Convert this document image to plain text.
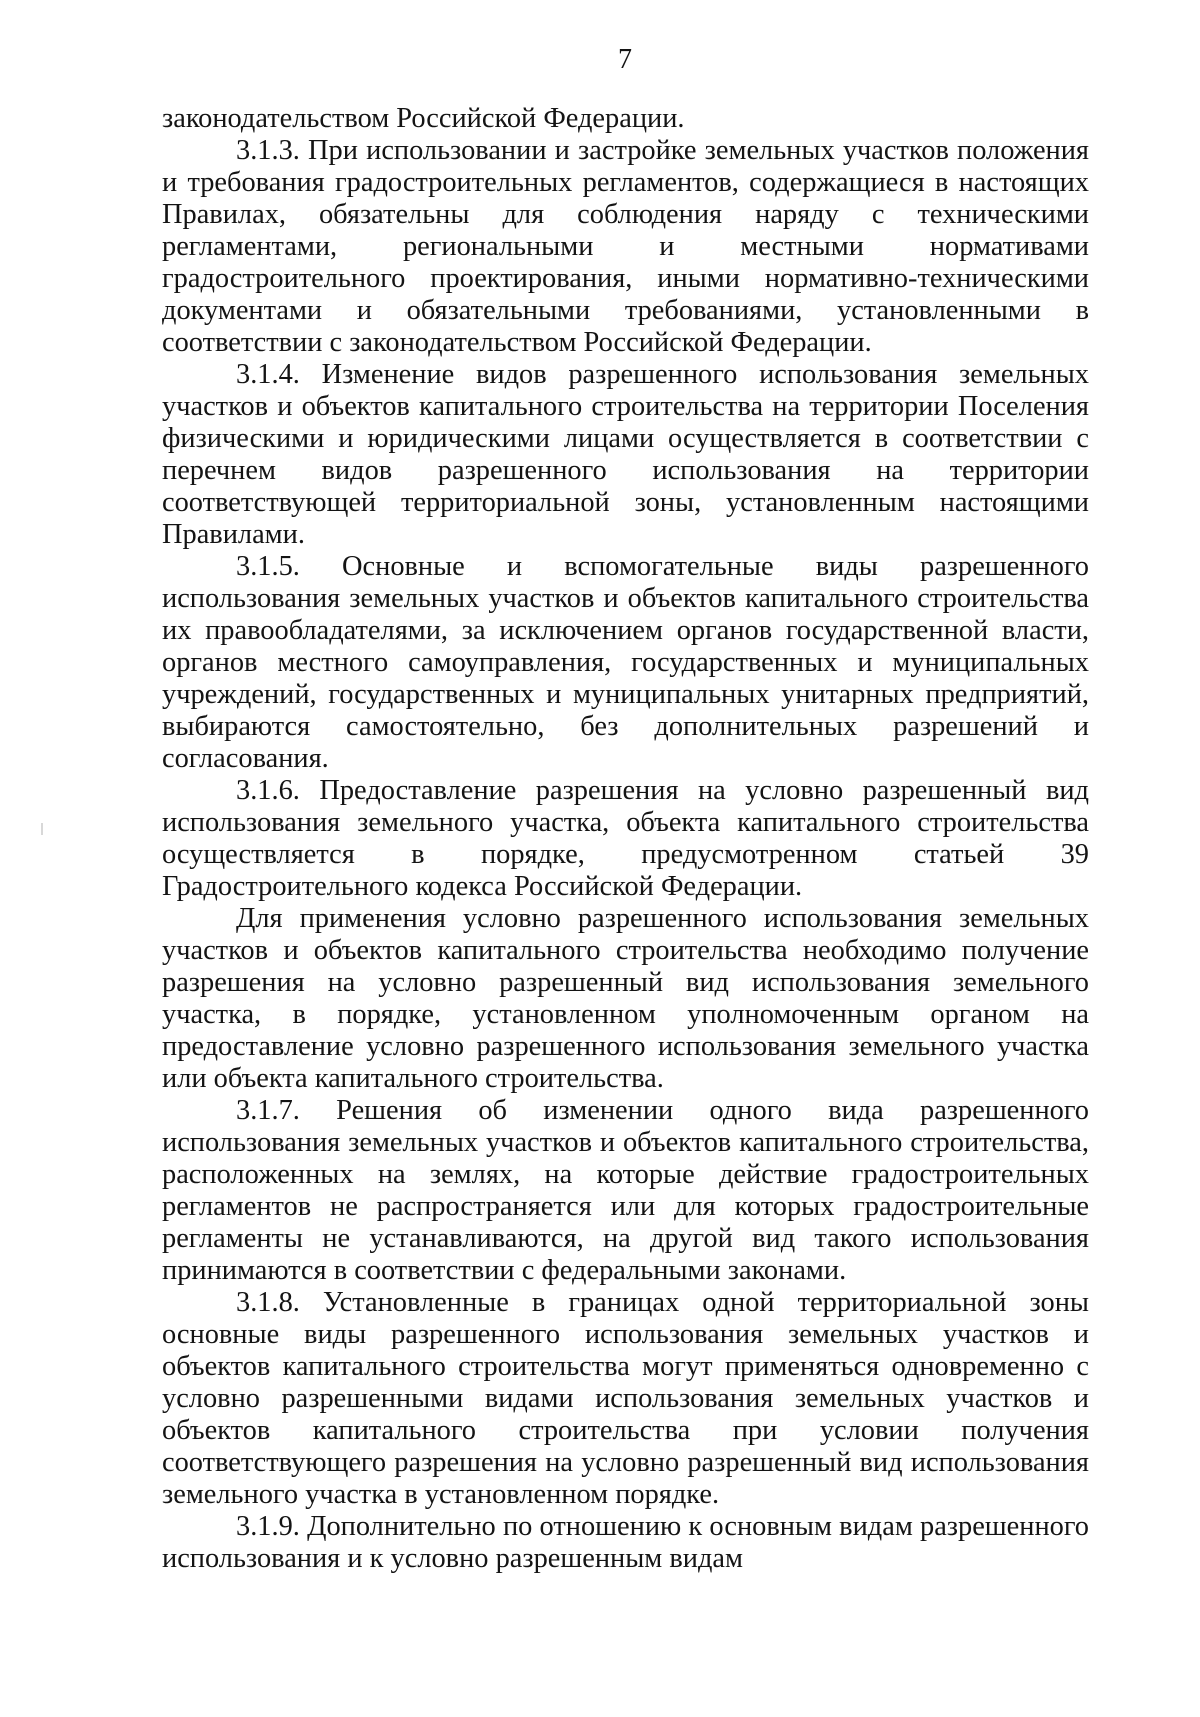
7

законодательством Российской Федерации.

3.1.3. При использовании и застройке земельных участков положения и требования градостроительных регламентов, содержащиеся в настоящих Правилах, обязательны для соблюдения наряду с техническими регламентами, региональными и местными нормативами градостроительного проектирования, иными нормативно-техническими документами и обязательными требованиями, установленными в соответствии с законодательством Российской Федерации.

3.1.4. Изменение видов разрешенного использования земельных участков и объектов капитального строительства на территории Поселения физическими и юридическими лицами осуществляется в соответствии с перечнем видов разрешенного использования на территории соответствующей территориальной зоны, установленным настоящими Правилами.

3.1.5. Основные и вспомогательные виды разрешенного использования земельных участков и объектов капитального строительства их правообладателями, за исключением органов государственной власти, органов местного самоуправления, государственных и муниципальных учреждений, государственных и муниципальных унитарных предприятий, выбираются самостоятельно, без дополнительных разрешений и согласования.

3.1.6. Предоставление разрешения на условно разрешенный вид использования земельного участка, объекта капитального строительства осуществляется в порядке, предусмотренном статьей 39 Градостроительного кодекса Российской Федерации.

Для применения условно разрешенного использования земельных участков и объектов капитального строительства необходимо получение разрешения на условно разрешенный вид использования земельного участка, в порядке, установленном уполномоченным органом на предоставление условно разрешенного использования земельного участка или объекта капитального строительства.

3.1.7. Решения об изменении одного вида разрешенного использования земельных участков и объектов капитального строительства, расположенных на землях, на которые действие градостроительных регламентов не распространяется или для которых градостроительные регламенты не устанавливаются, на другой вид такого использования принимаются в соответствии с федеральными законами.

3.1.8. Установленные в границах одной территориальной зоны основные виды разрешенного использования земельных участков и объектов капитального строительства могут применяться одновременно с условно разрешенными видами использования земельных участков и объектов капитального строительства при условии получения соответствующего разрешения на условно разрешенный вид использования земельного участка в установленном порядке.

3.1.9. Дополнительно по отношению к основным видам разрешенного использования и к условно разрешенным видам
